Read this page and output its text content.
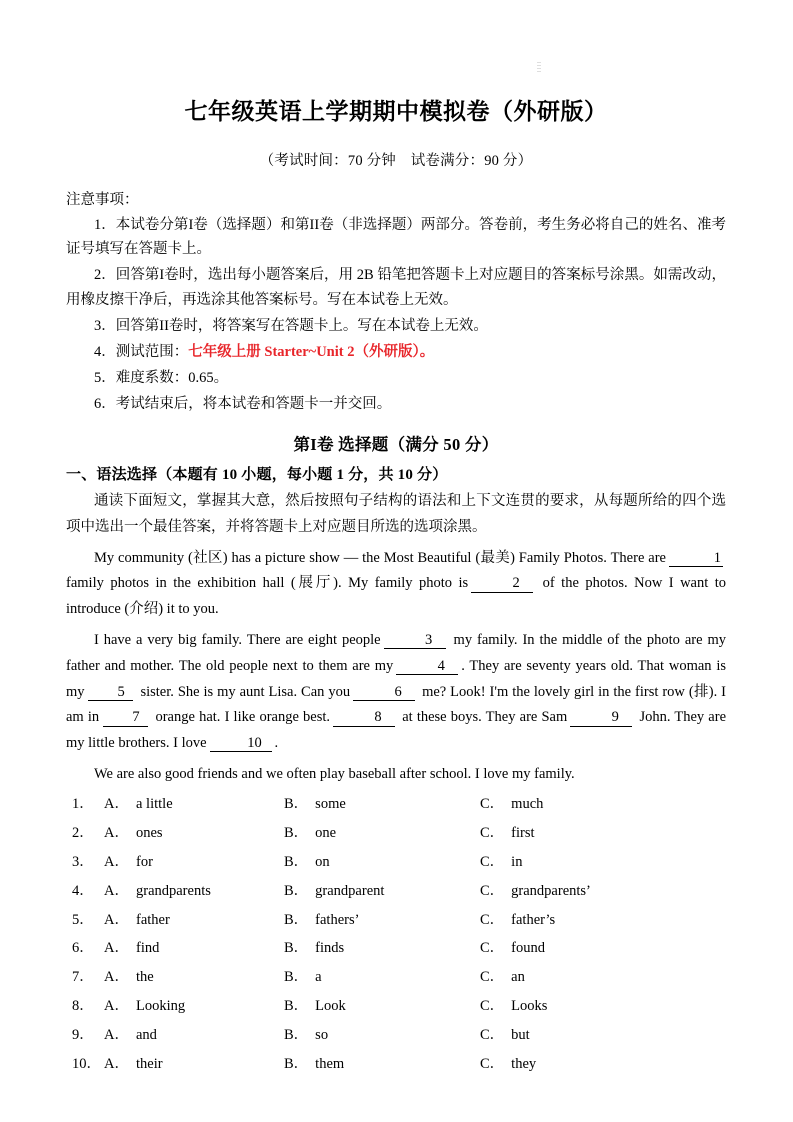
七年级英语上学期期中模拟卷（外研版）
（考试时间：70 分钟　试卷满分：90 分）
注意事项：

1．本试卷分第I卷（选择题）和第II卷（非选择题）两部分。答卷前，考生务必将自己的姓名、准考证号填写在答题卡上。

2．回答第I卷时，选出每小题答案后，用 2B 铅笔把答题卡上对应题目的答案标号涂黑。如需改动，用橡皮擦干净后，再选涂其他答案标号。写在本试卷上无效。

3．回答第II卷时，将答案写在答题卡上。写在本试卷上无效。

4．测试范围：七年级上册 Starter~Unit 2（外研版）。

5．难度系数：0.65。

6．考试结束后，将本试卷和答题卡一并交回。

第I卷 选择题（满分 50 分）
一、语法选择（本题有 10 小题，每小题 1 分，共 10 分）

通读下面短文，掌握其大意，然后按照句子结构的语法和上下文连贯的要求，从每题所给的四个选项中选出一个最佳答案，并将答题卡上对应题目所选的选项涂黑。

My community (社区) has a picture show — the Most Beautiful (最美) Family Photos. There are	1 family photos in the exhibition hall (展厅). My family photo is	2 of the photos. Now I want to introduce (介绍) it to you.

I have a very big family. There are eight people	3 my family. In the middle of the photo are my father and mother. The old people next to them are my	4 . They are seventy years old. That woman is my 5 sister. She is my aunt Lisa. Can you	6 me? Look! I'm the lovely girl in the first row (排). I am in 7 orange hat. I like orange best.	8 at these boys. They are Sam	9 John. They are my little brothers. I love	10 .

We are also good friends and we often play baseball after school. I love my family.

1． A． a little	B． some	C． much
2． A． ones	B． one	C． first
3． A． for	B． on	C． in
4． A． grandparents	B． grandparent	C． grandparents’
5． A． father	B． fathers’	C． father’s
6． A． find	B． finds	C． found
7． A． the	B． a	C． an
8． A． Looking	B． Look	C． Looks
9． A． and	B． so	C． but
10． A． their	B． them	C． they
